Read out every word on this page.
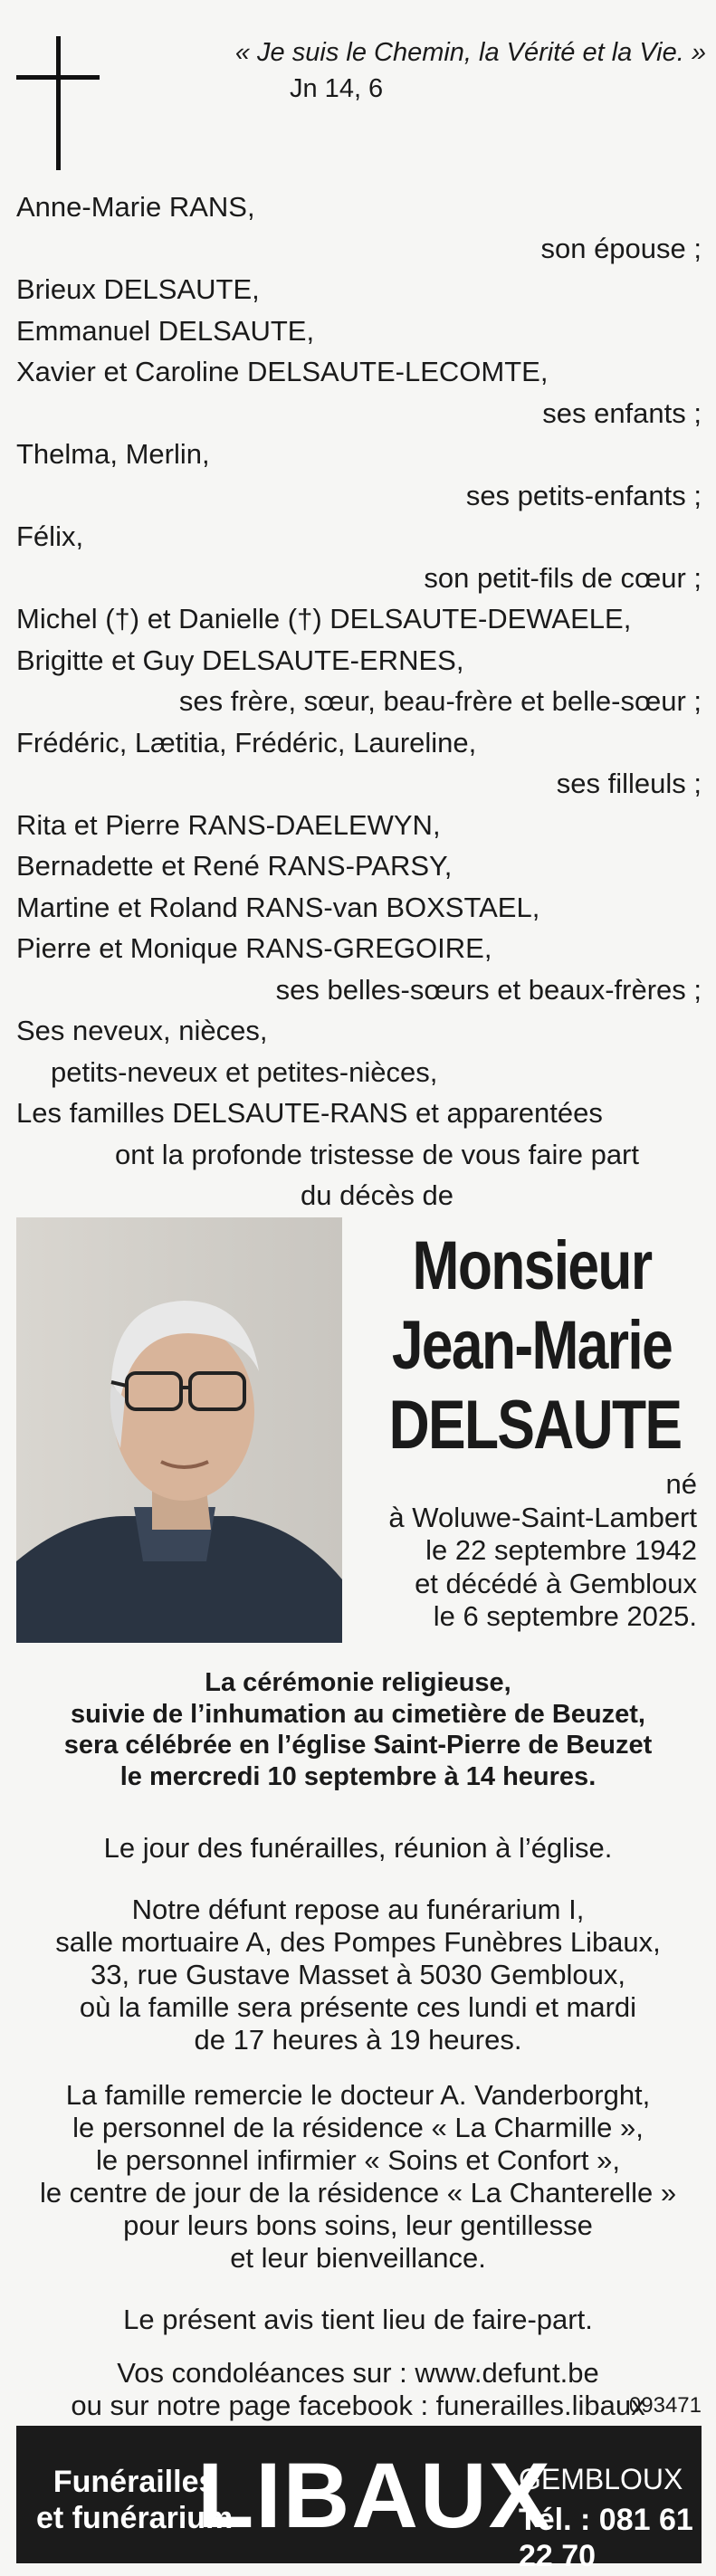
« Je suis le Chemin, la Vérité et la Vie. »
Jn 14, 6
Anne-Marie RANS,
son épouse ;
Brieux DELSAUTE,
Emmanuel DELSAUTE,
Xavier et Caroline DELSAUTE-LECOMTE,
ses enfants ;
Thelma, Merlin,
ses petits-enfants ;
Félix,
son petit-fils de cœur ;
Michel (†) et Danielle (†) DELSAUTE-DEWAELE,
Brigitte et Guy DELSAUTE-ERNES,
ses frère, sœur, beau-frère et belle-sœur ;
Frédéric, Lætitia, Frédéric, Laureline,
ses filleuls ;
Rita et Pierre RANS-DAELEWYN,
Bernadette et René RANS-PARSY,
Martine et Roland RANS-van BOXSTAEL,
Pierre et Monique RANS-GREGOIRE,
ses belles-sœurs et beaux-frères ;
Ses neveux, nièces,
petits-neveux et petites-nièces,
Les familles DELSAUTE-RANS et apparentées
ont la profonde tristesse de vous faire part
du décès de
Monsieur
Jean-Marie
DELSAUTE
né
à Woluwe-Saint-Lambert
le 22 septembre 1942
et décédé à Gembloux
le 6 septembre 2025.
La cérémonie religieuse,
suivie de l’inhumation au cimetière de Beuzet,
sera célébrée en l’église Saint-Pierre de Beuzet
le mercredi 10 septembre à 14 heures.
Le jour des funérailles, réunion à l’église.
Notre défunt repose au funérarium I,
salle mortuaire A, des Pompes Funèbres Libaux,
33, rue Gustave Masset à 5030 Gembloux,
où la famille sera présente ces lundi et mardi
de 17 heures à 19 heures.
La famille remercie le docteur A. Vanderborght,
le personnel de la résidence « La Charmille »,
le personnel infirmier « Soins et Confort »,
le centre de jour de la résidence « La Chanterelle »
pour leurs bons soins, leur gentillesse
et leur bienveillance.
Le présent avis tient lieu de faire-part.
Vos condoléances sur : www.defunt.be
ou sur notre page facebook : funerailles.libaux
093471
Funérailles
et funérarium
LIBAUX
GEMBLOUX
Tél. : 081 61 22 70
